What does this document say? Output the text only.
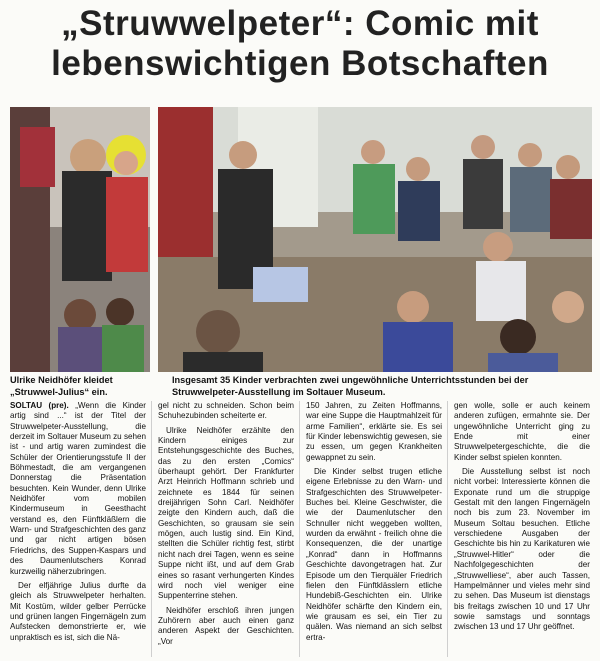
„Struwwelpeter“: Comic mit
lebenswichtigen Botschaften
Ulrike Neidhöfer kleidet „Struwwel-Julius“ ein.
Insgesamt 35 Kinder verbrachten zwei ungewöhnliche Unterrichtsstunden bei der Struwwelpeter-Ausstellung im Soltauer Museum.

SOLTAU (pre). „Wenn die Kinder artig sind ...“ ist der Titel der Struwwelpeter-Ausstellung, die derzeit im Soltauer Museum zu sehen ist - und artig waren zumindest die Schüler der Orientierungsstufe II der Böhmestadt, die am vergangenen Donnerstag die Präsentation besuchten. Kein Wunder, denn Ulrike Neidhöfer vom mobilen Kindermuseum in Geesthacht verstand es, den Fünftkläßlern die Warn- und Strafgeschichten des ganz und gar nicht artigen bösen Friedrichs, des Suppen-Kaspars und des Daumenlutschers Konrad kurzweilig näherzubringen.

Der elfjährige Julius durfte da gleich als Struwwelpeter herhalten. Mit Kostüm, wilder gelber Perrücke und grünen langen Fingernägeln zum Aufstecken demonstrierte er, wie unpraktisch es ist, sich die Nä-

gel nicht zu schneiden. Schon beim Schuhezubinden scheiterte er.

Ulrike Neidhöfer erzählte den Kindern einiges zur Entstehungsgeschichte des Buches, das zu den ersten „Comics“ überhaupt gehört. Der Frankfurter Arzt Heinrich Hoffmann schrieb und zeichnete es 1844 für seinen dreijährigen Sohn Carl. Neidhöfer zeigte den Kindern auch, daß die Geschichten, so grausam sie sein mögen, auch lustig sind. Ein Kind, stellten die Schüler richtig fest, stirbt nicht nach drei Tagen, wenn es seine Suppe nicht ißt, und auf dem Grab eines so rasant verhungerten Kindes wird noch viel weniger eine Suppenterrine stehen.

Neidhöfer erschloß ihren jungen Zuhörern aber auch einen ganz anderen Aspekt der Geschichten. „Vor

150 Jahren, zu Zeiten Hoffmanns, war eine Suppe die Hauptmahlzeit für arme Familien“, erklärte sie. Es sei für Kinder lebenswichtig gewesen, sie zu essen, um gegen Krankheiten gewappnet zu sein.

Die Kinder selbst trugen etliche eigene Erlebnisse zu den Warn- und Strafgeschichten des Struwwelpeter-Buches bei. Kleine Geschwister, die wie der Daumenlutscher den Schnuller nicht weggeben wollten, wurden da erwähnt - freilich ohne die Konsequenzen, die der unartige „Konrad“ dann in Hoffmanns Geschichte davongetragen hat. Zur Episode um den Tierquäler Friedrich fielen den Fünftklässlern etliche Hundebiß-Geschichten ein. Ulrike Neidhöfer schärfte den Kindern ein, wie grausam es sei, ein Tier zu quälen. Was niemand an sich selbst ertra-

gen wolle, solle er auch keinem anderen zufügen, ermahnte sie. Der ungewöhnliche Unterricht ging zu Ende mit einer Struwwelpetergeschichte, die die Kinder selbst spielen konnten.

Die Ausstellung selbst ist noch nicht vorbei: Interessierte können die Exponate rund um die struppige Gestalt mit den langen Fingernägeln noch bis zum 23. November im Museum Soltau besuchen. Etliche verschiedene Ausgaben der Geschichte bis hin zu Karikaturen wie „Struwwel-Hitler“ oder die Nachfolgegeschichten der „Struwwelliese“, aber auch Tassen, Hampelmänner und vieles mehr sind zu sehen. Das Museum ist dienstags bis freitags zwischen 10 und 17 Uhr sowie samstags und sonntags zwischen 13 und 17 Uhr geöffnet.
